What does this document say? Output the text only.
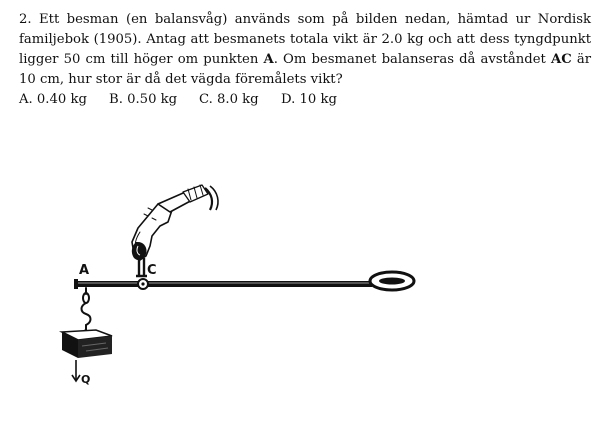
2. Ett besman (en balansvåg) används som på bilden nedan, hämtad ur Nordisk familjebok (1905). Antag att besmanets totala vikt är 2.0 kg och att dess tyngdpunkt ligger 50 cm till höger om punkten A. Om besmanet balanseras då avståndet AC är 10 cm, hur stor är då det vägda föremålets vikt?
A. 0.40 kg B. 0.50 kg C. 8.0 kg D. 10 kg
A	C
Q
